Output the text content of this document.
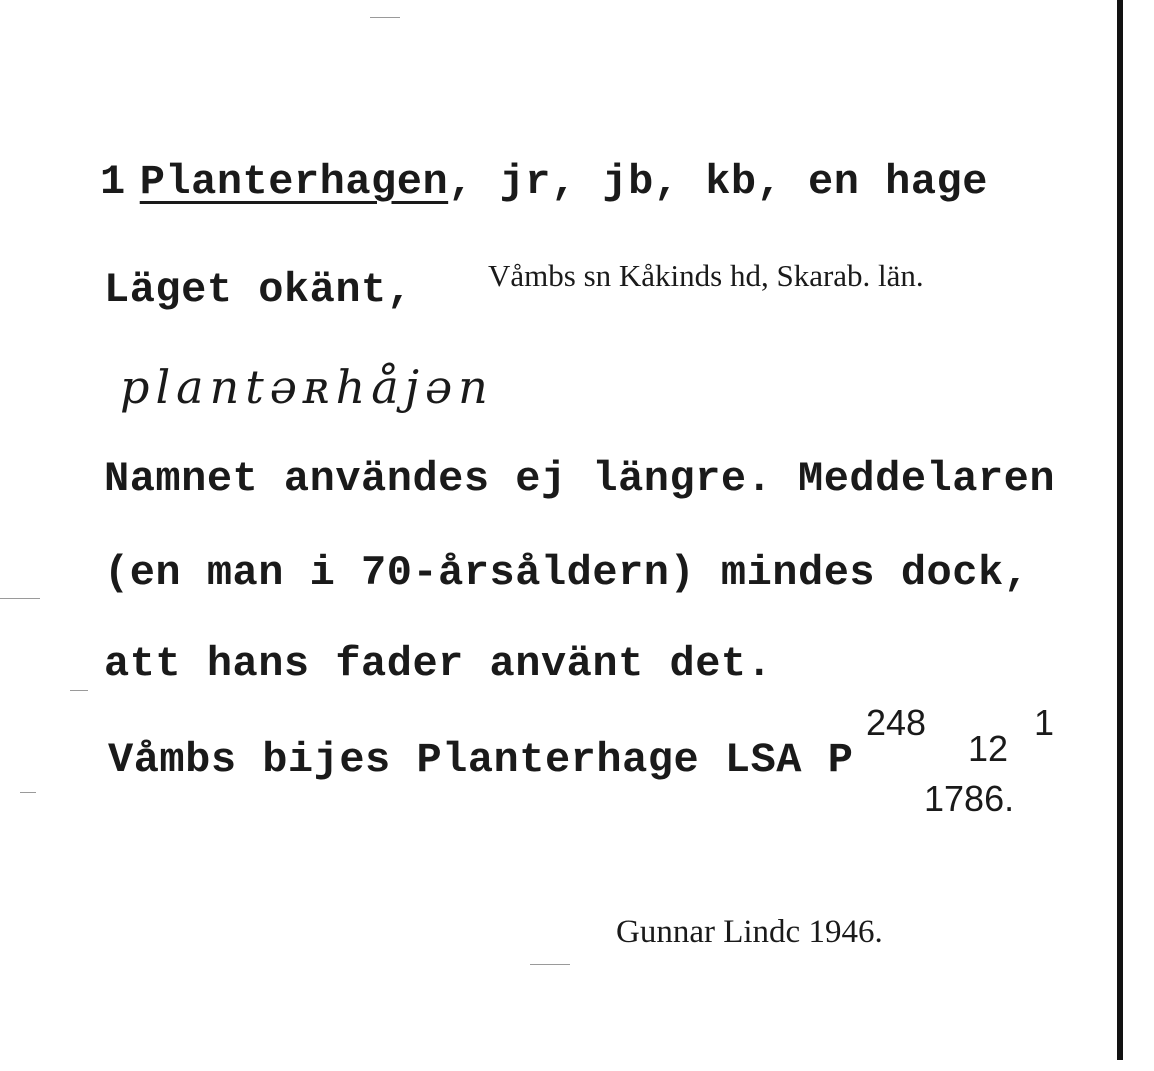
1 Planterhagen, jr, jb, kb, en hage
Läget okänt, Våmbs sn Kåkinds hd, Skarab. län.
plantəʀhåjən
Namnet användes ej längre. Meddelaren
(en man i 70-årsåldern) mindes dock,
att hans fader använt det.
Våmbs bijes Planterhage LSA P
248
12
1
1786.
Gunnar Lindc 1946.
